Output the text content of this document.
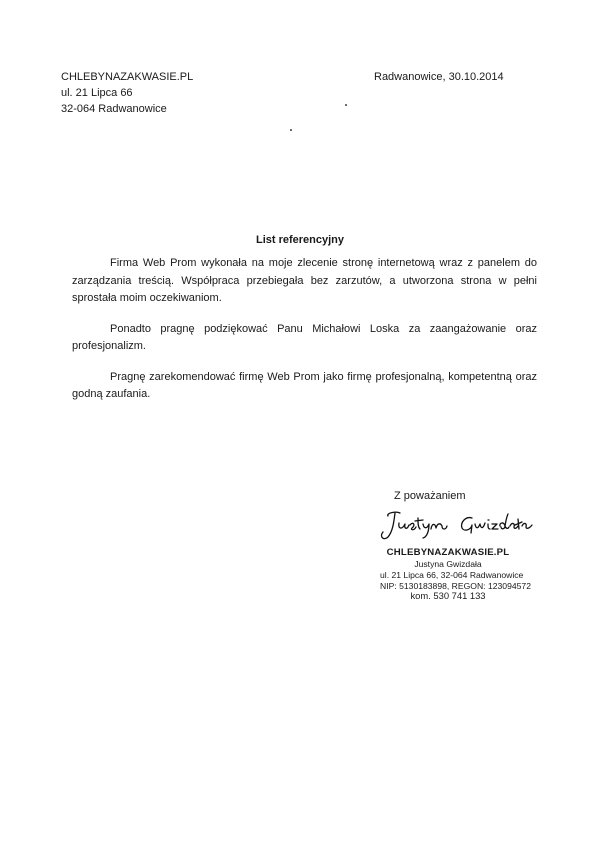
CHLEBYNAZAKWASIE.PL
ul. 21 Lipca 66
32-064 Radwanowice
Radwanowice, 30.10.2014
List referencyjny

Firma Web Prom wykonała na moje zlecenie stronę internetową wraz z panelem do zarządzania treścią. Współpraca przebiegała bez zarzutów, a utworzona strona w pełni sprostała moim oczekiwaniom.

Ponadto pragnę podziękować Panu Michałowi Loska za zaangażowanie oraz profesjonalizm.

Pragnę zarekomendować firmę Web Prom jako firmę profesjonalną, kompetentną oraz godną zaufania.

Z poważaniem
CHLEBYNAZAKWASIE.PL
Justyna Gwizdała
ul. 21 Lipca 66, 32-064 Radwanowice
NIP: 5130183898, REGON: 123094572
kom. 530 741 133
